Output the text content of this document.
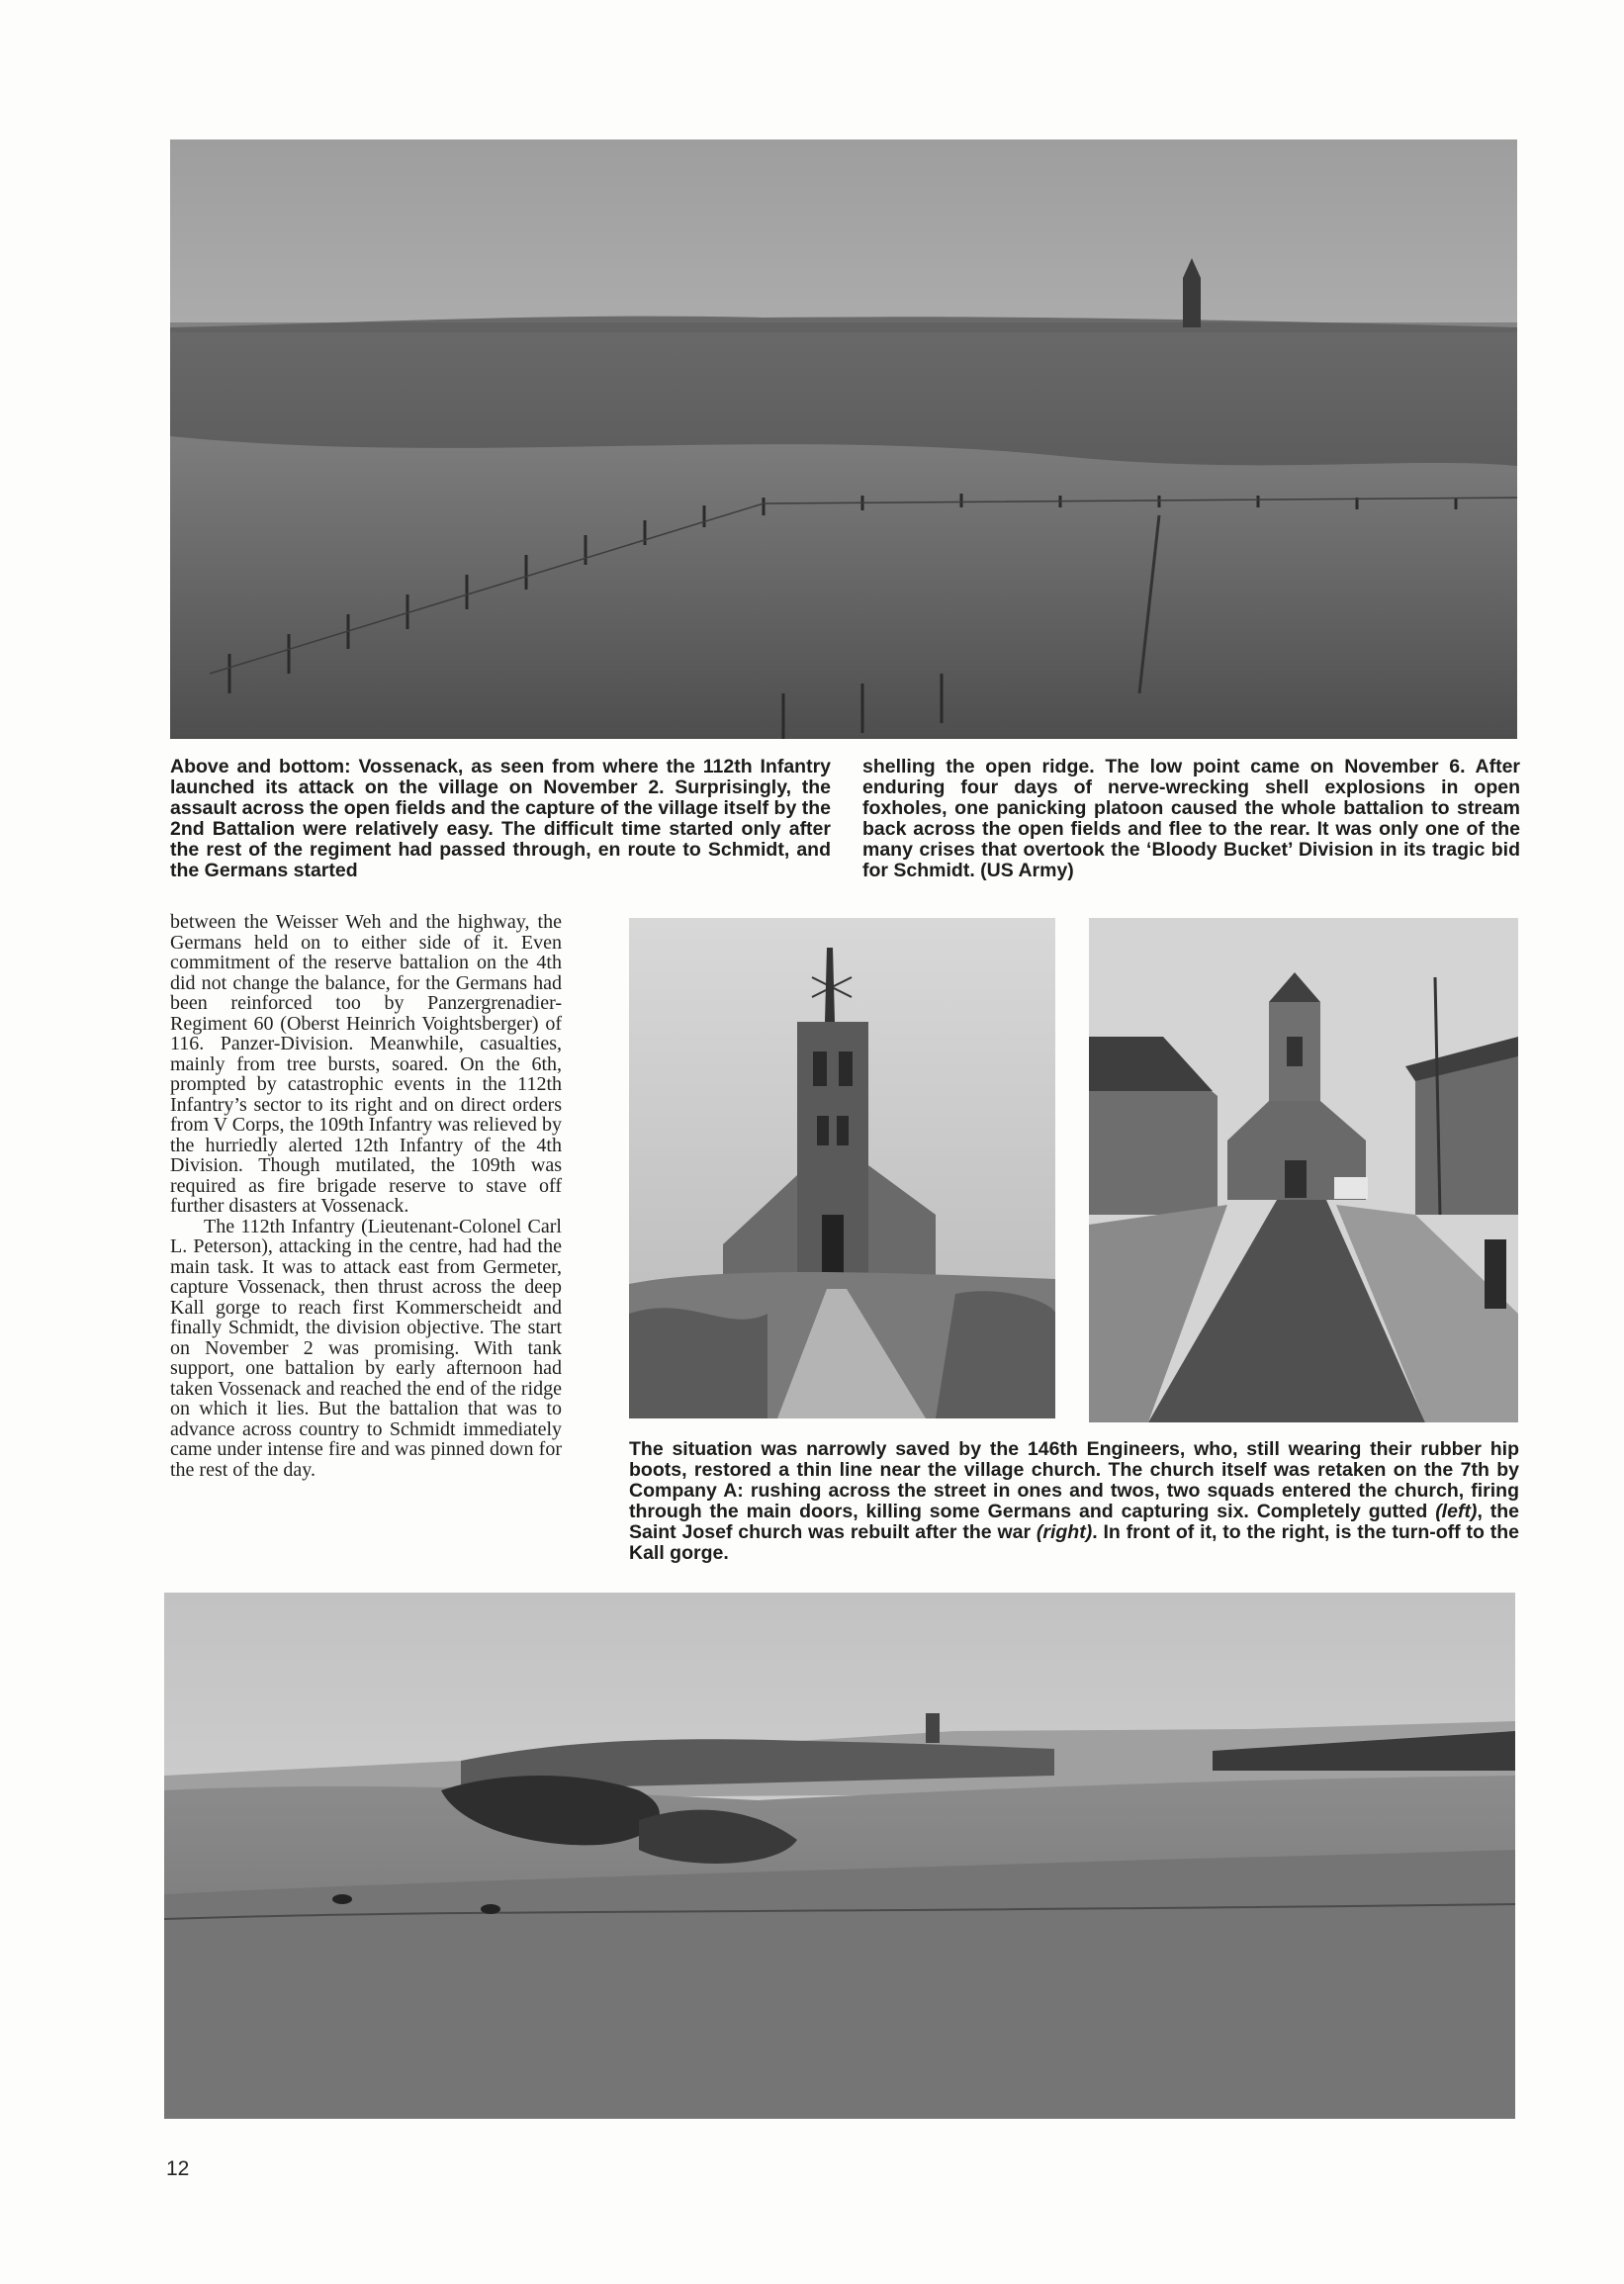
Above and bottom: Vossenack, as seen from where the 112th Infantry launched its attack on the village on November 2. Surprisingly, the assault across the open fields and the capture of the village itself by the 2nd Battalion were relatively easy. The difficult time started only after the rest of the regiment had passed through, en route to Schmidt, and the Germans started
shelling the open ridge. The low point came on November 6. After enduring four days of nerve-wrecking shell explosions in open foxholes, one panicking platoon caused the whole battalion to stream back across the open fields and flee to the rear. It was only one of the many crises that overtook the ‘Bloody Bucket’ Division in its tragic bid for Schmidt. (US Army)

between the Weisser Weh and the highway, the Germans held on to either side of it. Even commitment of the reserve battalion on the 4th did not change the balance, for the Germans had been reinforced too by Panzergrenadier-Regiment 60 (Oberst Heinrich Voightsberger) of 116. Panzer-Division. Meanwhile, casualties, mainly from tree bursts, soared. On the 6th, prompted by catastrophic events in the 112th Infantry’s sector to its right and on direct orders from V Corps, the 109th Infantry was relieved by the hurriedly alerted 12th Infantry of the 4th Division. Though mutilated, the 109th was required as fire brigade reserve to stave off further disasters at Vossenack.

The 112th Infantry (Lieutenant-Colonel Carl L. Peterson), attacking in the centre, had had the main task. It was to attack east from Germeter, capture Vossenack, then thrust across the deep Kall gorge to reach first Kommerscheidt and finally Schmidt, the division objective. The start on November 2 was promising. With tank support, one battalion by early afternoon had taken Vossenack and reached the end of the ridge on which it lies. But the battalion that was to advance across country to Schmidt immediately came under intense fire and was pinned down for the rest of the day.

The situation was narrowly saved by the 146th Engineers, who, still wearing their rubber hip boots, restored a thin line near the village church. The church itself was retaken on the 7th by Company A: rushing across the street in ones and twos, two squads entered the church, firing through the main doors, killing some Germans and capturing six. Completely gutted (left), the Saint Josef church was rebuilt after the war (right). In front of it, to the right, is the turn-off to the Kall gorge.
12
